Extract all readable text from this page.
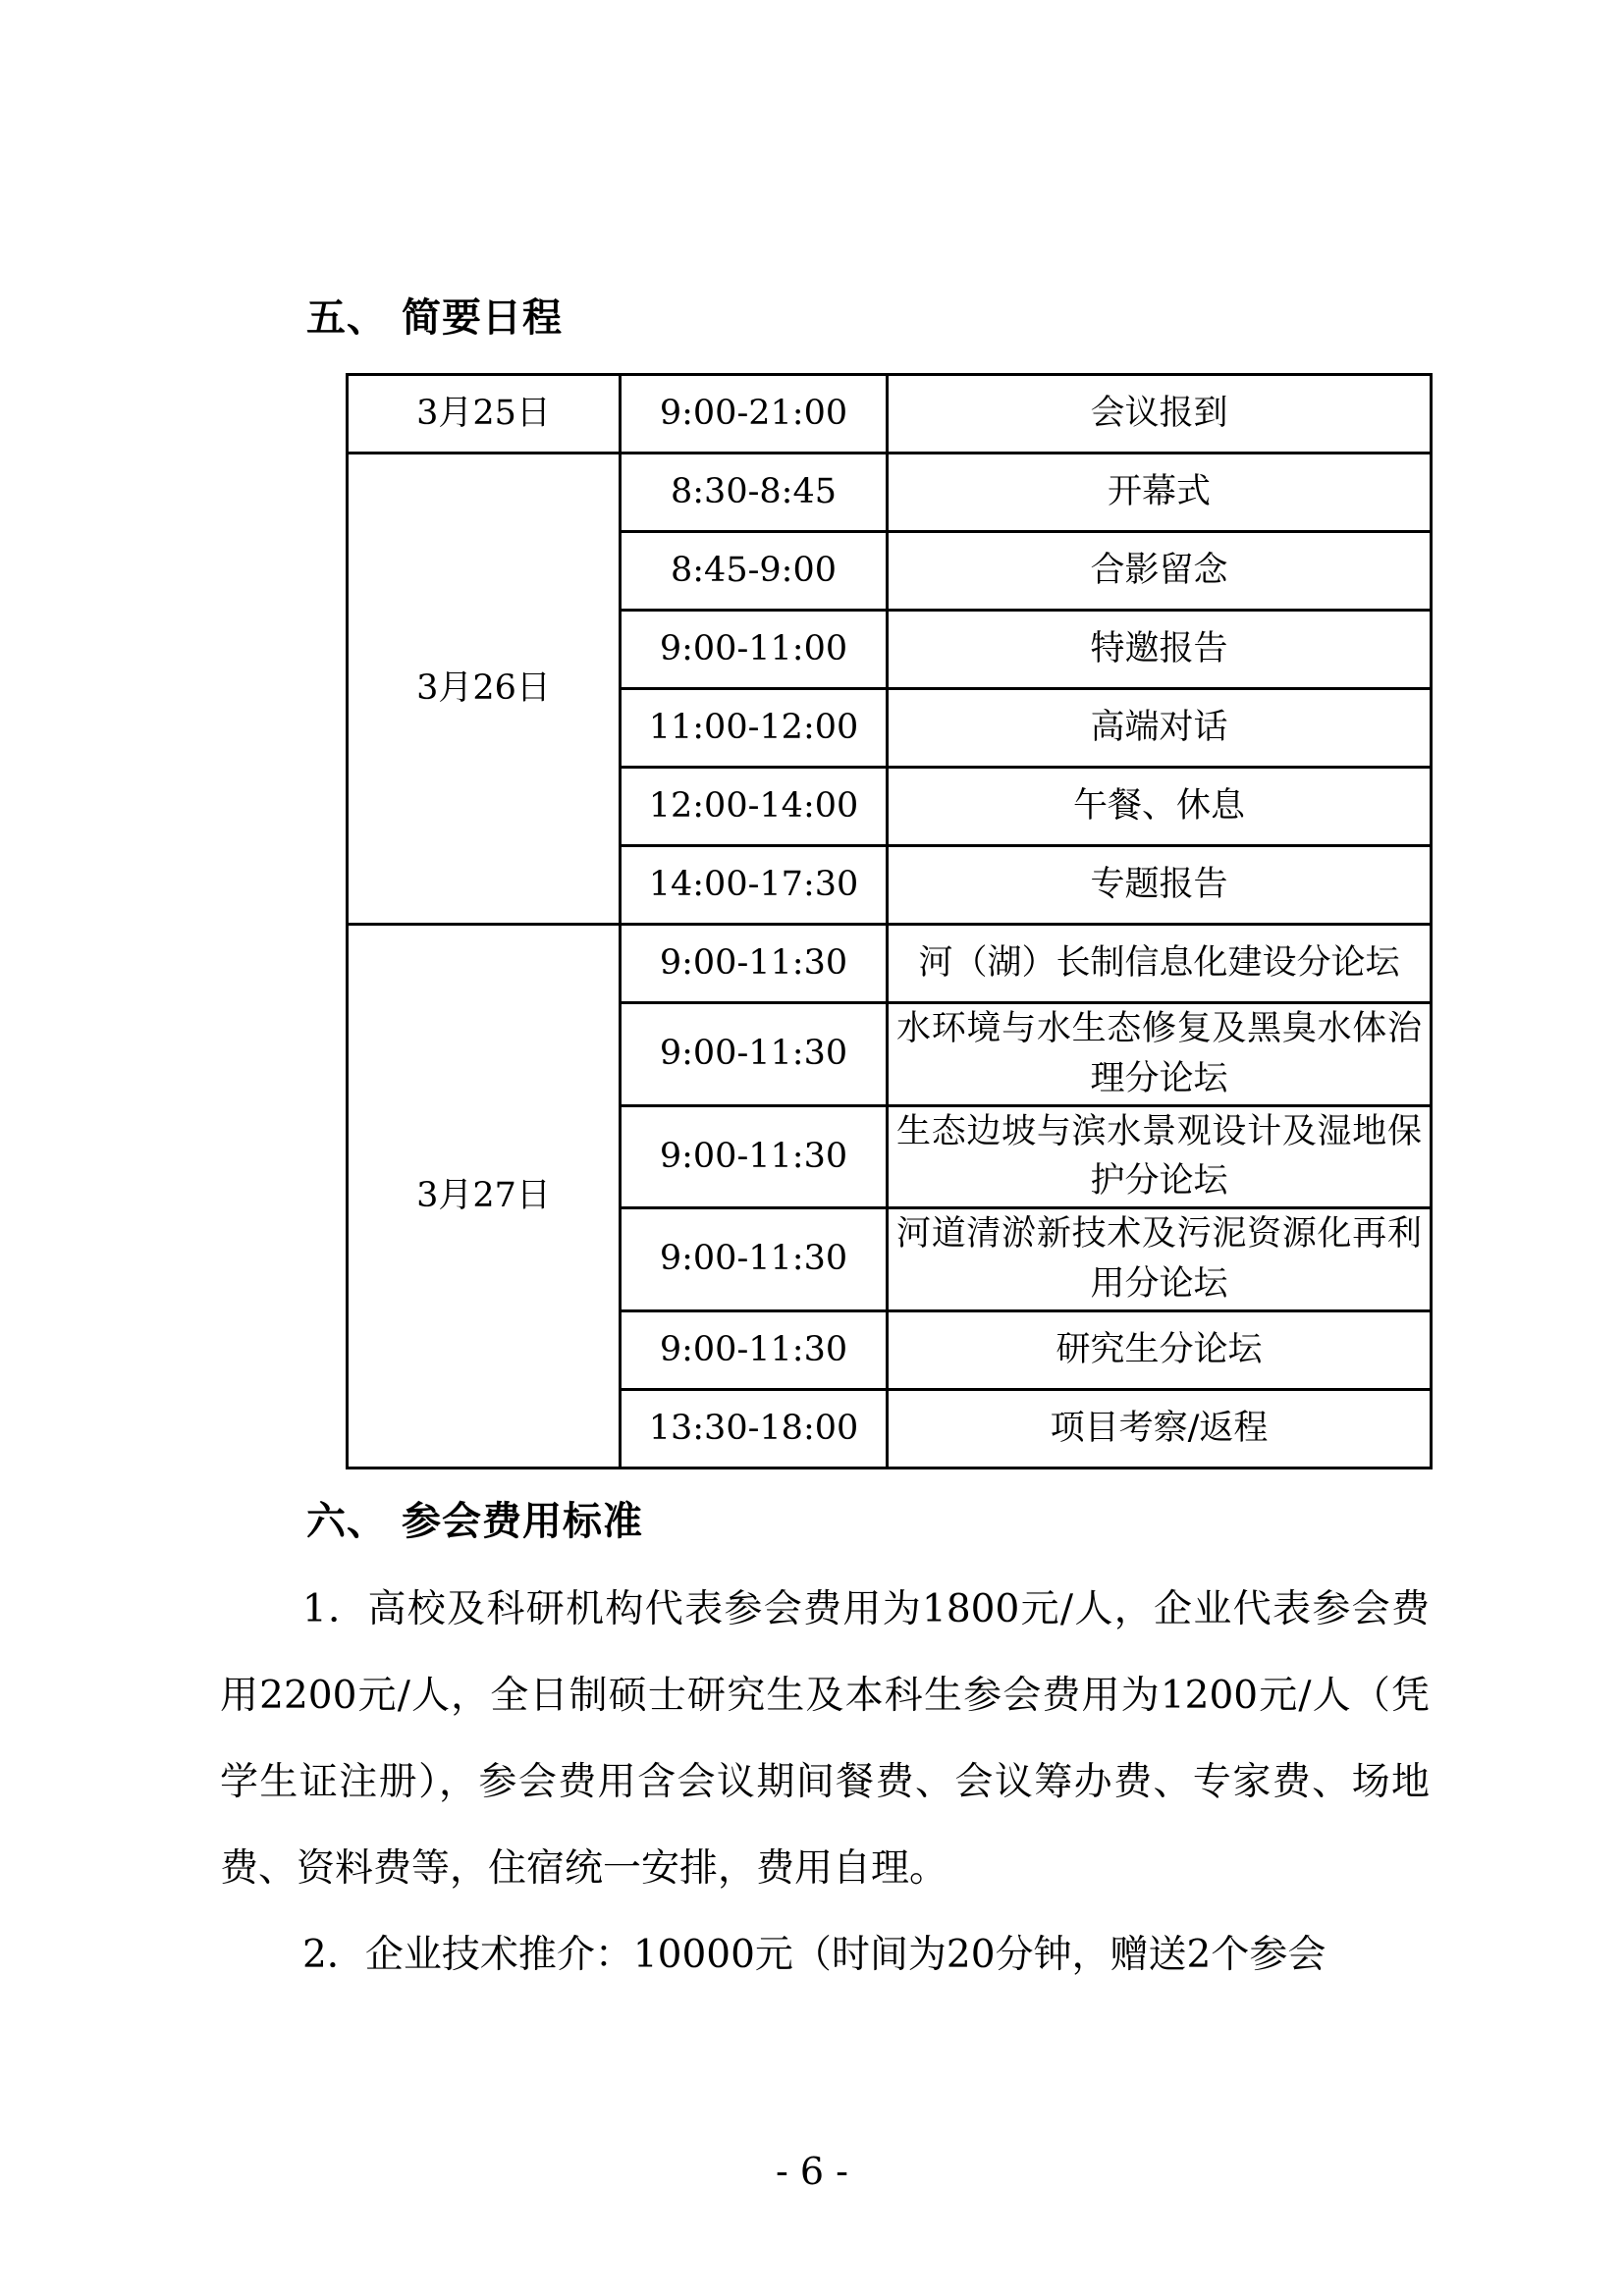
五、 简要日程
3月25日	9:00-21:00	会议报到
3月26日	8:30-8:45	开幕式
	8:45-9:00	合影留念
	9:00-11:00	特邀报告
	11:00-12:00	高端对话
	12:00-14:00	午餐、休息
	14:00-17:30	专题报告
3月27日	9:00-11:30	河（湖）长制信息化建设分论坛
	9:00-11:30	水环境与水生态修复及黑臭水体治理分论坛
	9:00-11:30	生态边坡与滨水景观设计及湿地保护分论坛
	9:00-11:30	河道清淤新技术及污泥资源化再利用分论坛
	9:00-11:30	研究生分论坛
	13:30-18:00	项目考察/返程
六、 参会费用标准

1．高校及科研机构代表参会费用为1800元/人，企业代表参会费用2200元/人，全日制硕士研究生及本科生参会费用为1200元/人（凭学生证注册），参会费用含会议期间餐费、会议筹办费、专家费、场地费、资料费等，住宿统一安排，费用自理。

2．企业技术推介：10000元（时间为20分钟，赠送2个参会

- 6 -
